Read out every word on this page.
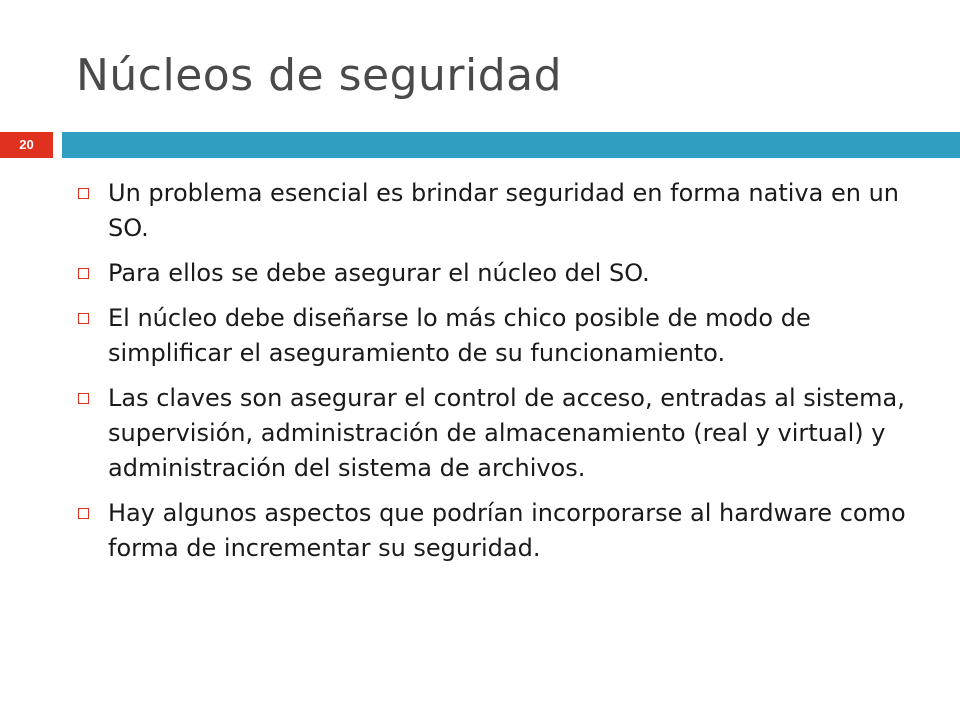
Núcleos de seguridad
20
Un problema esencial es brindar seguridad en forma nativa en un SO.
Para ellos se debe asegurar el núcleo del SO.
El núcleo debe diseñarse lo más chico posible de modo de simplificar el aseguramiento de su funcionamiento.
Las claves son asegurar el control de acceso, entradas al sistema, supervisión, administración de almacenamiento (real y virtual) y administración del sistema de archivos.
Hay algunos aspectos que podrían incorporarse al hardware como forma de incrementar su seguridad.
